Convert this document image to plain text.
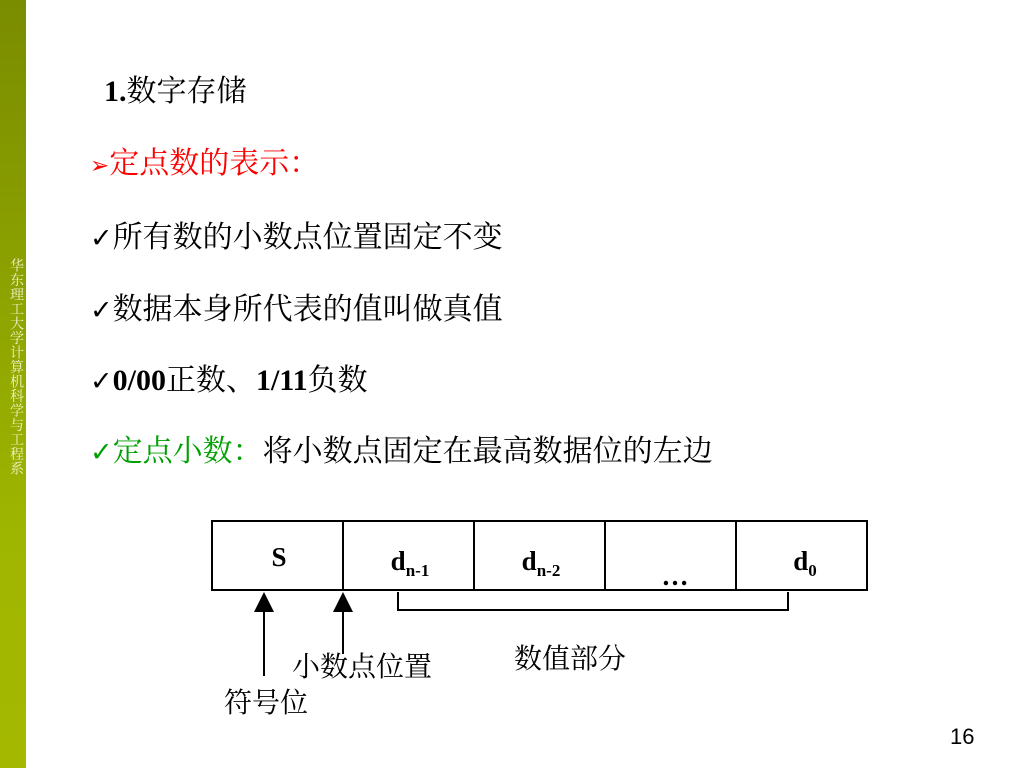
华东理工大学计算机科学与工程系
1.数字存储
➢定点数的表示：
✓所有数的小数点位置固定不变
✓数据本身所代表的值叫做真值
✓0/00正数、1/11负数
✓定点小数：将小数点固定在最高数据位的左边
S	$d_{n-1}$	$d_{n-2}$	…	$d_0$
数值部分
小数点位置
符号位
16
